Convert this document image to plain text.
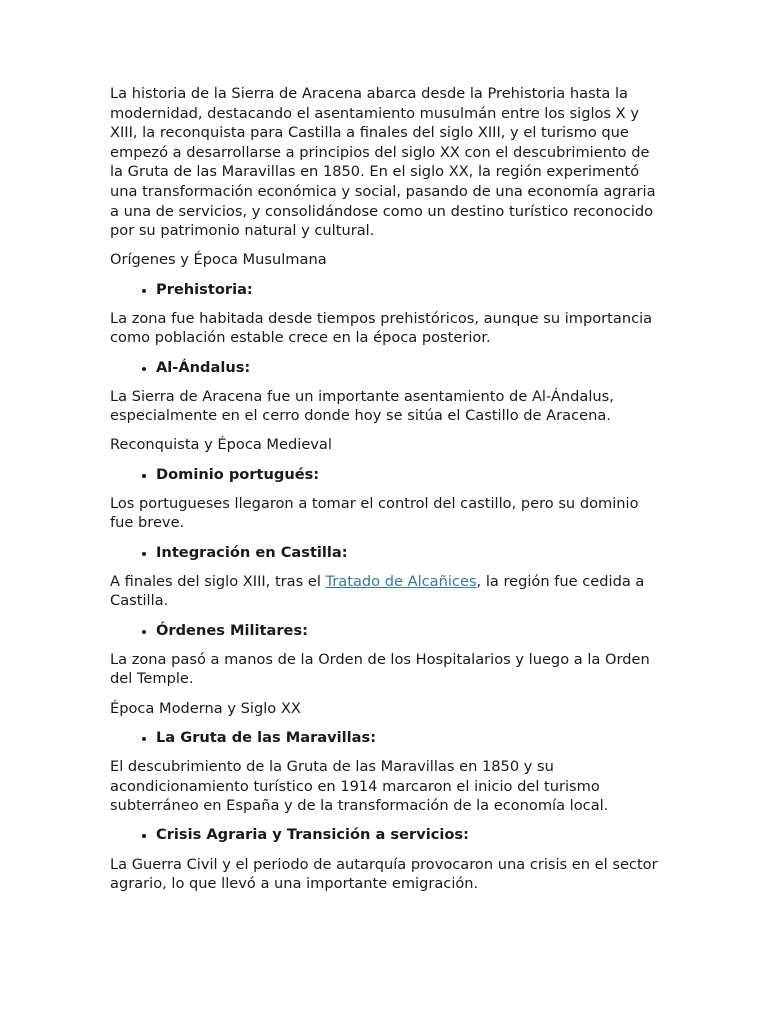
La historia de la Sierra de Aracena abarca desde la Prehistoria hasta la modernidad, destacando el asentamiento musulmán entre los siglos X y XIII, la reconquista para Castilla a finales del siglo XIII, y el turismo que empezó a desarrollarse a principios del siglo XX con el descubrimiento de la Gruta de las Maravillas en 1850. En el siglo XX, la región experimentó una transformación económica y social, pasando de una economía agraria a una de servicios, y consolidándose como un destino turístico reconocido por su patrimonio natural y cultural.

Orígenes y Época Musulmana

• Prehistoria:

La zona fue habitada desde tiempos prehistóricos, aunque su importancia como población estable crece en la época posterior.

• Al-Ándalus:

La Sierra de Aracena fue un importante asentamiento de Al-Ándalus, especialmente en el cerro donde hoy se sitúa el Castillo de Aracena.

Reconquista y Época Medieval

• Dominio portugués:

Los portugueses llegaron a tomar el control del castillo, pero su dominio fue breve.

• Integración en Castilla:

A finales del siglo XIII, tras el Tratado de Alcañices, la región fue cedida a Castilla.

• Órdenes Militares:

La zona pasó a manos de la Orden de los Hospitalarios y luego a la Orden del Temple.

Época Moderna y Siglo XX

• La Gruta de las Maravillas:

El descubrimiento de la Gruta de las Maravillas en 1850 y su acondicionamiento turístico en 1914 marcaron el inicio del turismo subterráneo en España y de la transformación de la economía local.

• Crisis Agraria y Transición a servicios:

La Guerra Civil y el periodo de autarquía provocaron una crisis en el sector agrario, lo que llevó a una importante emigración.
